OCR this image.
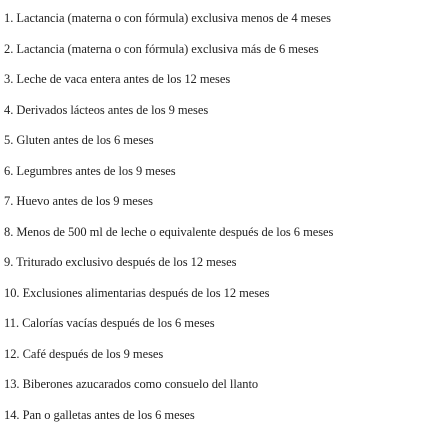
1. Lactancia (materna o con fórmula) exclusiva menos de 4 meses
2. Lactancia (materna o con fórmula) exclusiva más de 6 meses
3. Leche de vaca entera antes de los 12 meses
4. Derivados lácteos antes de los 9 meses
5. Gluten antes de los 6 meses
6. Legumbres antes de los 9 meses
7. Huevo antes de los 9 meses
8. Menos de 500 ml de leche o equivalente después de los 6 meses
9. Triturado exclusivo después de los 12 meses
10. Exclusiones alimentarias después de los 12 meses
11. Calorías vacías después de los 6 meses
12. Café después de los 9 meses
13. Biberones azucarados como consuelo del llanto
14. Pan o galletas antes de los 6 meses
